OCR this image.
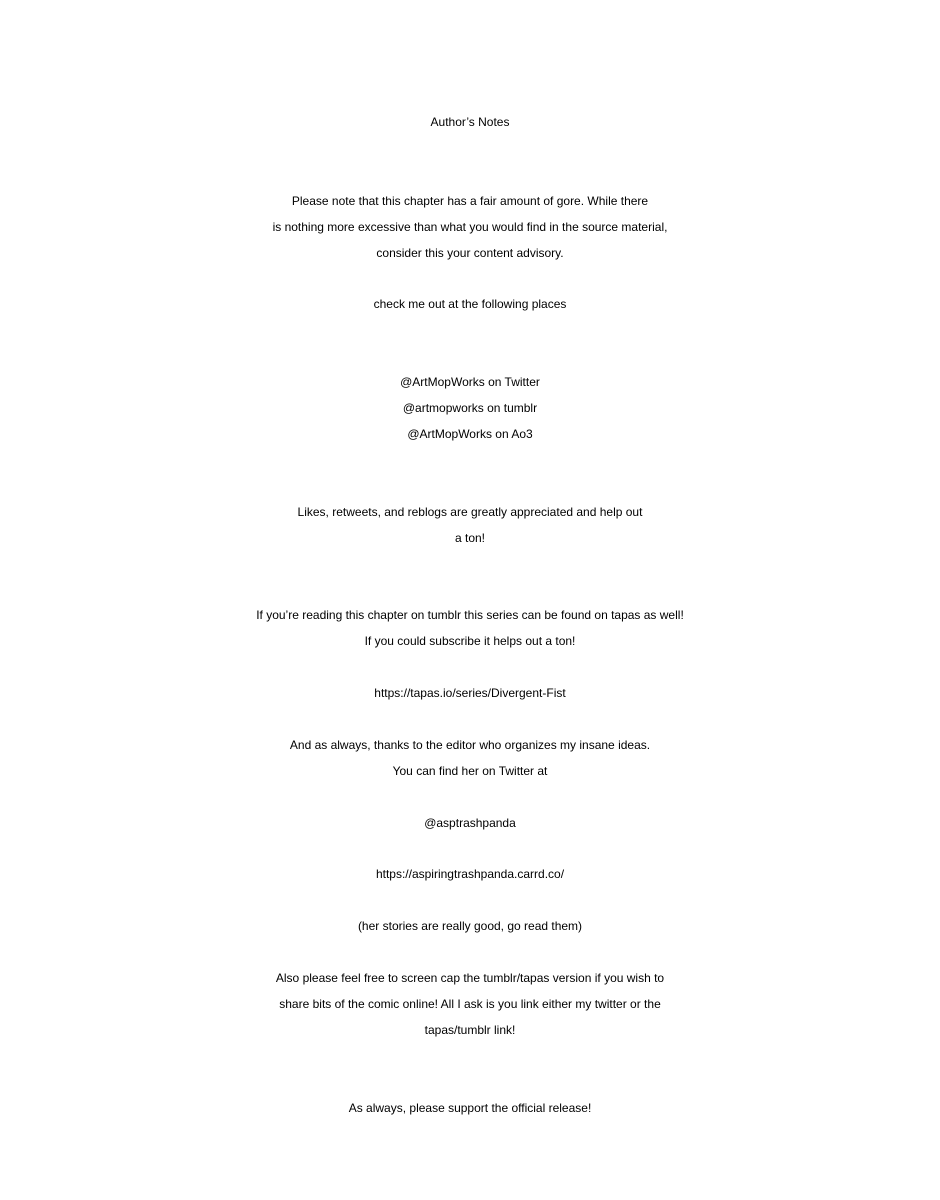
Author’s Notes

Please note that this chapter has a fair amount of gore. While there

is nothing more excessive than what you would find in the source material,

consider this your content advisory.

check me out at the following places

@ArtMopWorks on Twitter

@artmopworks on tumblr

@ArtMopWorks on Ao3

Likes, retweets, and reblogs are greatly appreciated and help out

a ton!

If you’re reading this chapter on tumblr this series can be found on tapas as well!

If you could subscribe it helps out a ton!

https://tapas.io/series/Divergent-Fist

And as always, thanks to the editor who organizes my insane ideas.

You can find her on Twitter at

@asptrashpanda

https://aspiringtrashpanda.carrd.co/

(her stories are really good, go read them)

Also please feel free to screen cap the tumblr/tapas version if you wish to

share bits of the comic online! All I ask is you link either my twitter or the

tapas/tumblr link!

As always, please support the official release!
